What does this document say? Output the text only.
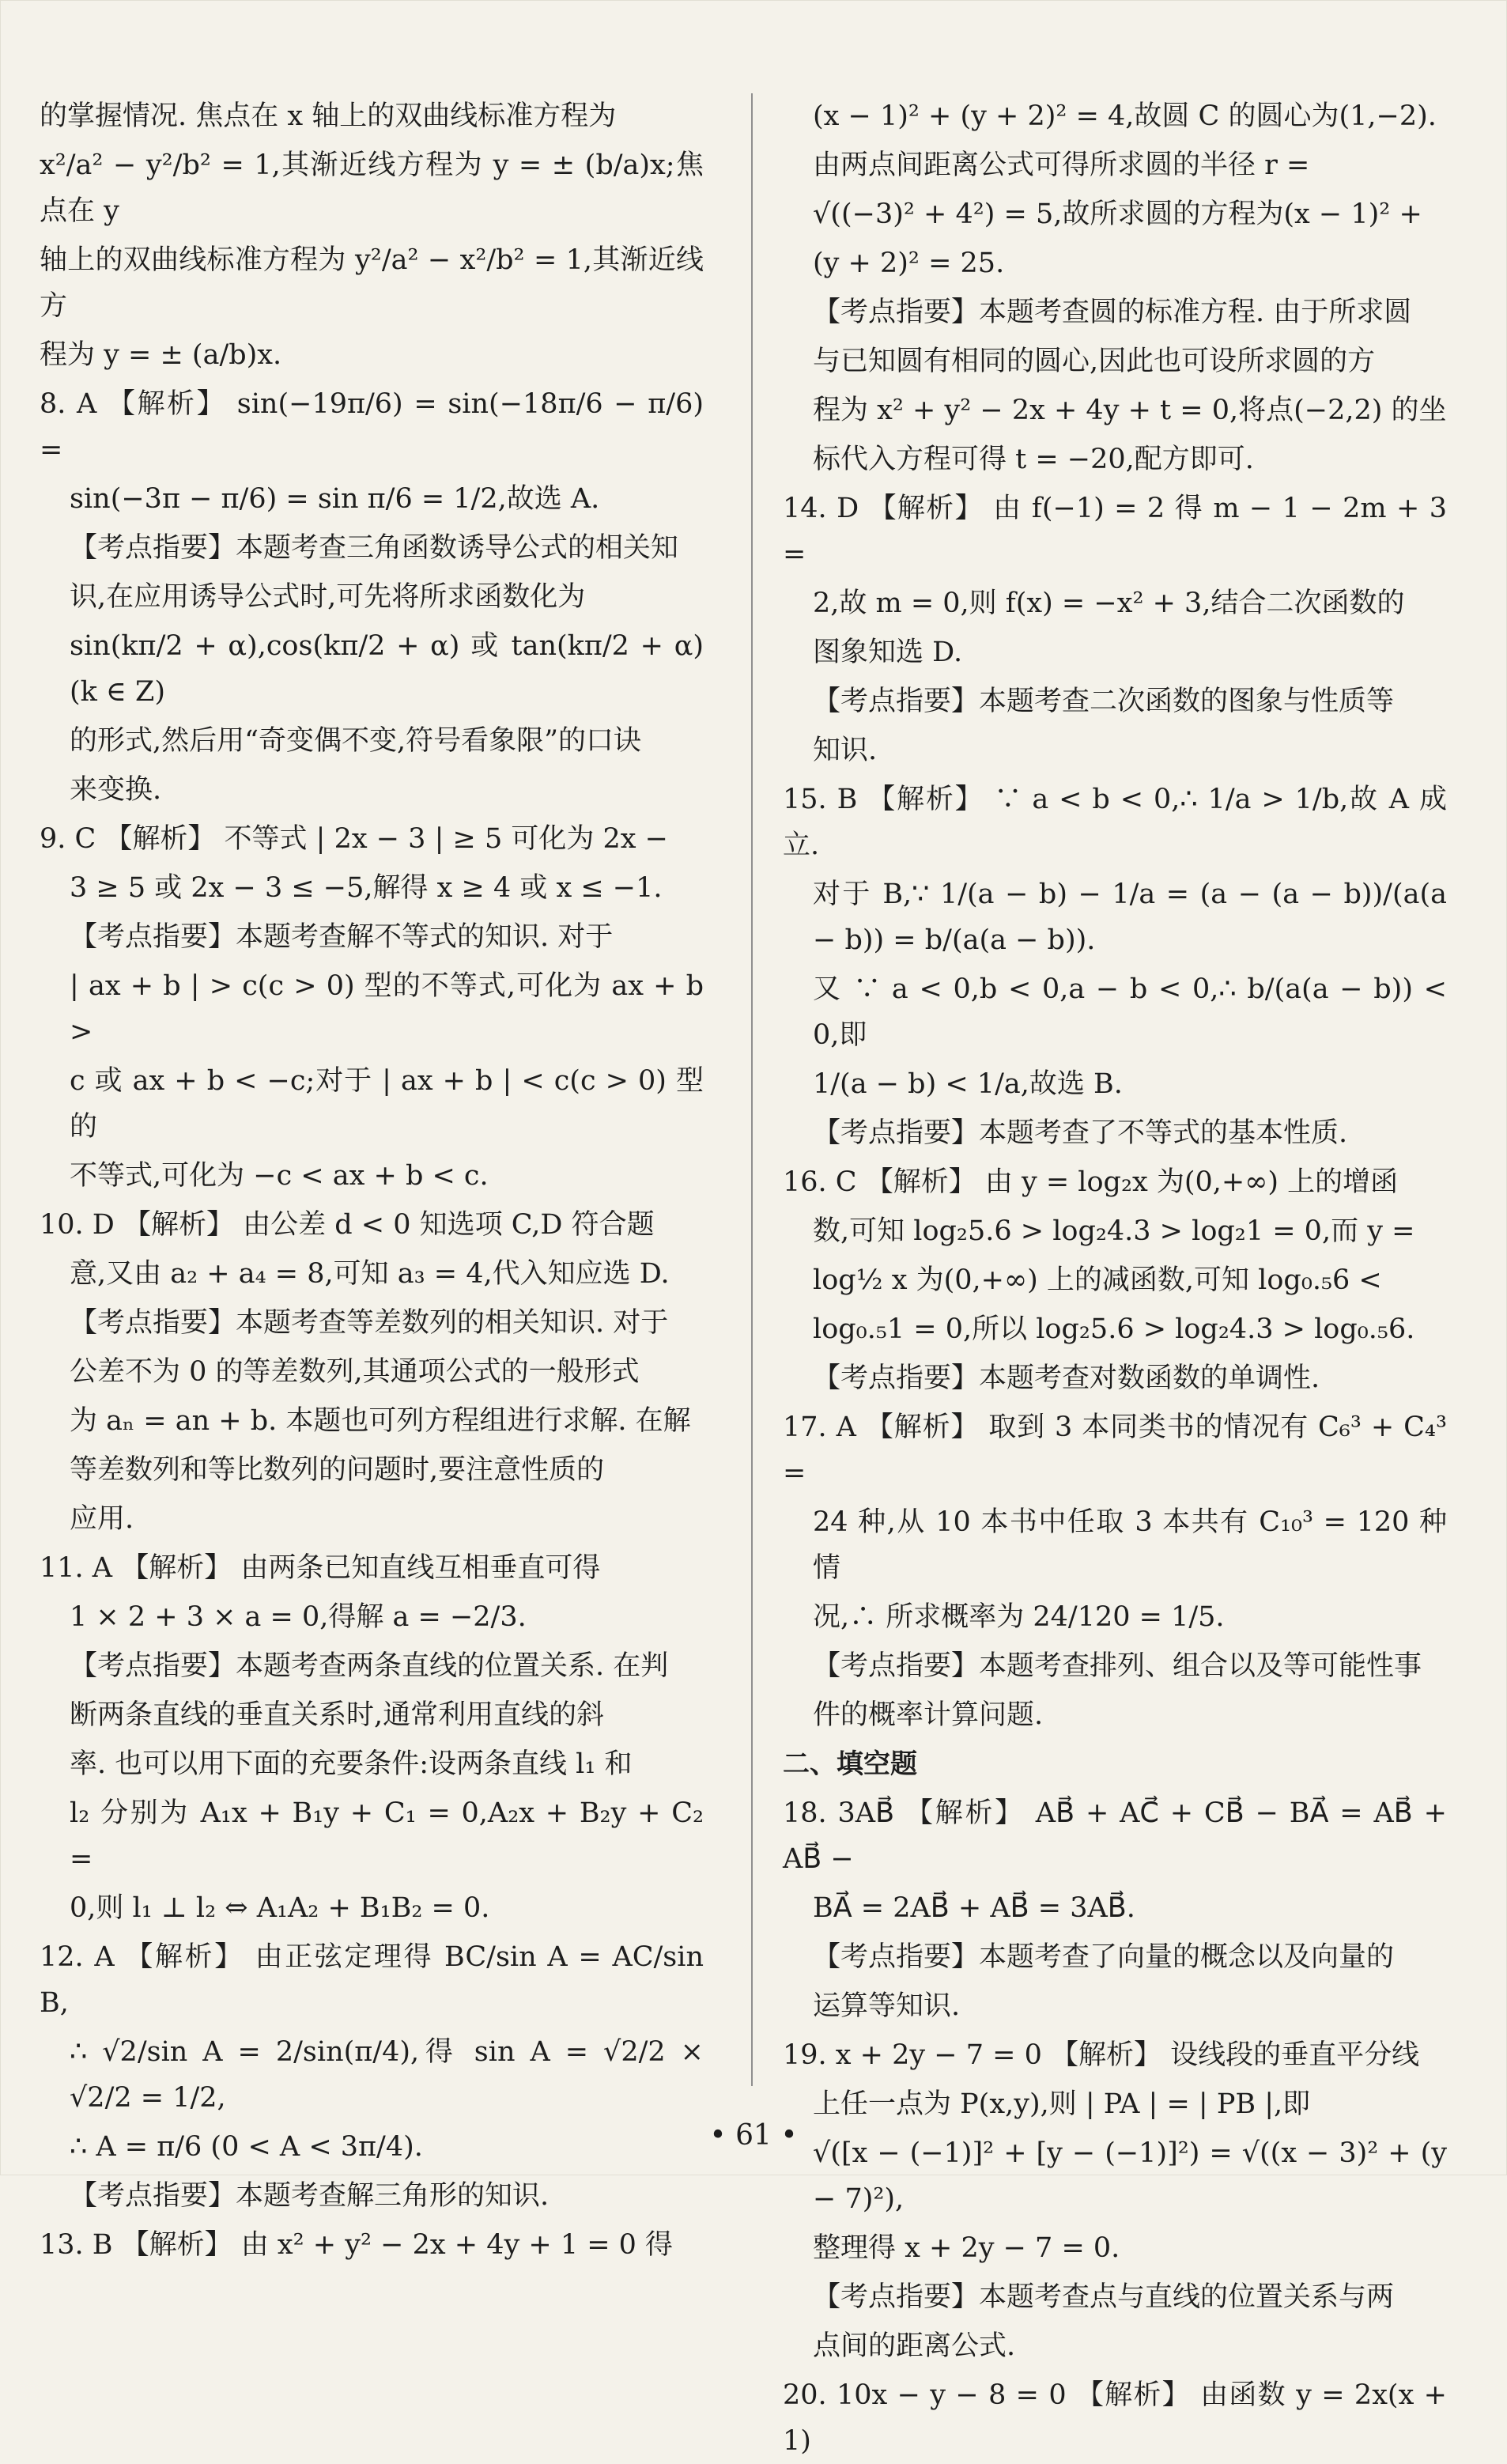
的掌握情况. 焦点在 x 轴上的双曲线标准方程为

x²/a² − y²/b² = 1,其渐近线方程为 y = ± (b/a)x;焦点在 y

轴上的双曲线标准方程为 y²/a² − x²/b² = 1,其渐近线方

程为 y = ± (a/b)x.

8. A 【解析】 sin(−19π/6) = sin(−18π/6 − π/6) =

sin(−3π − π/6) = sin π/6 = 1/2,故选 A.

【考点指要】本题考查三角函数诱导公式的相关知

识,在应用诱导公式时,可先将所求函数化为

sin(kπ/2 + α),cos(kπ/2 + α) 或 tan(kπ/2 + α) (k ∈ Z)

的形式,然后用“奇变偶不变,符号看象限”的口诀

来变换.

9. C 【解析】 不等式 | 2x − 3 | ≥ 5 可化为 2x −

3 ≥ 5 或 2x − 3 ≤ −5,解得 x ≥ 4 或 x ≤ −1.

【考点指要】本题考查解不等式的知识. 对于

| ax + b | > c(c > 0) 型的不等式,可化为 ax + b >

c 或 ax + b < −c;对于 | ax + b | < c(c > 0) 型的

不等式,可化为 −c < ax + b < c.

10. D 【解析】 由公差 d < 0 知选项 C,D 符合题

意,又由 a₂ + a₄ = 8,可知 a₃ = 4,代入知应选 D.

【考点指要】本题考查等差数列的相关知识. 对于

公差不为 0 的等差数列,其通项公式的一般形式

为 aₙ = an + b. 本题也可列方程组进行求解. 在解

等差数列和等比数列的问题时,要注意性质的

应用.

11. A 【解析】 由两条已知直线互相垂直可得

1 × 2 + 3 × a = 0,得解 a = −2/3.

【考点指要】本题考查两条直线的位置关系. 在判

断两条直线的垂直关系时,通常利用直线的斜

率. 也可以用下面的充要条件:设两条直线 l₁ 和

l₂ 分别为 A₁x + B₁y + C₁ = 0,A₂x + B₂y + C₂ =

0,则 l₁ ⊥ l₂ ⇔ A₁A₂ + B₁B₂ = 0.

12. A 【解析】 由正弦定理得 BC/sin A = AC/sin B,

∴ √2/sin A = 2/sin(π/4),得 sin A = √2/2 × √2/2 = 1/2,

∴ A = π/6 (0 < A < 3π/4).

【考点指要】本题考查解三角形的知识.

13. B 【解析】 由 x² + y² − 2x + 4y + 1 = 0 得

(x − 1)² + (y + 2)² = 4,故圆 C 的圆心为(1,−2).

由两点间距离公式可得所求圆的半径 r =

√((−3)² + 4²) = 5,故所求圆的方程为(x − 1)² +

(y + 2)² = 25.

【考点指要】本题考查圆的标准方程. 由于所求圆

与已知圆有相同的圆心,因此也可设所求圆的方

程为 x² + y² − 2x + 4y + t = 0,将点(−2,2) 的坐

标代入方程可得 t = −20,配方即可.

14. D 【解析】 由 f(−1) = 2 得 m − 1 − 2m + 3 =

2,故 m = 0,则 f(x) = −x² + 3,结合二次函数的

图象知选 D.

【考点指要】本题考查二次函数的图象与性质等

知识.

15. B 【解析】 ∵ a < b < 0,∴ 1/a > 1/b,故 A 成立.

对于 B,∵ 1/(a − b) − 1/a = (a − (a − b))/(a(a − b)) = b/(a(a − b)).

又 ∵ a < 0,b < 0,a − b < 0,∴ b/(a(a − b)) < 0,即

1/(a − b) < 1/a,故选 B.

【考点指要】本题考查了不等式的基本性质.

16. C 【解析】 由 y = log₂x 为(0,+∞) 上的增函

数,可知 log₂5.6 > log₂4.3 > log₂1 = 0,而 y =

log½ x 为(0,+∞) 上的减函数,可知 log₀.₅6 <

log₀.₅1 = 0,所以 log₂5.6 > log₂4.3 > log₀.₅6.

【考点指要】本题考查对数函数的单调性.

17. A 【解析】 取到 3 本同类书的情况有 C₆³ + C₄³ =

24 种,从 10 本书中任取 3 本共有 C₁₀³ = 120 种情

况,∴ 所求概率为 24/120 = 1/5.

【考点指要】本题考查排列、组合以及等可能性事

件的概率计算问题.

二、填空题

18. 3AB⃗ 【解析】 AB⃗ + AC⃗ + CB⃗ − BA⃗ = AB⃗ + AB⃗ −

BA⃗ = 2AB⃗ + AB⃗ = 3AB⃗.

【考点指要】本题考查了向量的概念以及向量的

运算等知识.

19. x + 2y − 7 = 0 【解析】 设线段的垂直平分线

上任一点为 P(x,y),则 | PA | = | PB |,即

√([x − (−1)]² + [y − (−1)]²) = √((x − 3)² + (y − 7)²),

整理得 x + 2y − 7 = 0.

【考点指要】本题考查点与直线的位置关系与两

点间的距离公式.

20. 10x − y − 8 = 0 【解析】 由函数 y = 2x(x + 1)

• 61 •
